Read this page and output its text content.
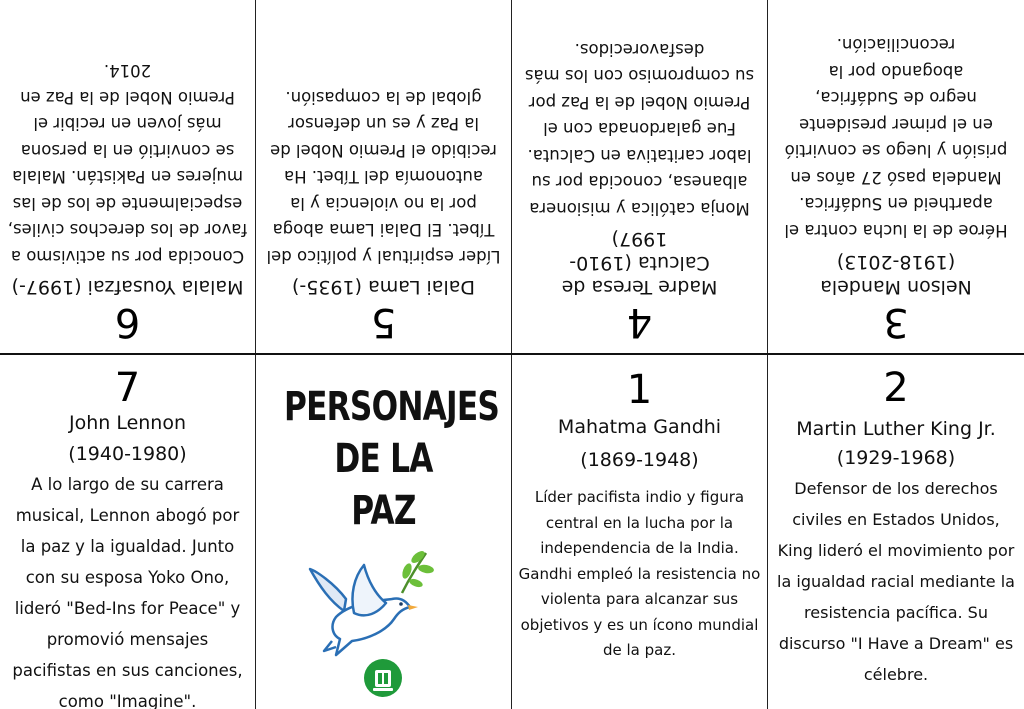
6
Malala Yousafzai (1997-)
Conocida por su activismo a favor de los derechos civiles, especialmente de los de las mujeres en Pakistán. Malala se convirtió en la persona más joven en recibir el Premio Nobel de la Paz en 2014.
5
Dalai Lama (1935-)
Líder espiritual y político del Tíbet. El Dalai Lama aboga por la no violencia y la autonomía del Tíbet. Ha recibido el Premio Nobel de la Paz y es un defensor global de la compasión.
4
Madre Teresa de Calcuta (1910-1997)
Monja católica y misionera albanesa, conocida por su labor caritativa en Calcuta. Fue galardonada con el Premio Nobel de la Paz por su compromiso con los más desfavorecidos.
3
Nelson Mandela
(1918-2013)
Héroe de la lucha contra el apartheid en Sudáfrica. Mandela pasó 27 años en prisión y luego se convirtió en el primer presidente negro de Sudáfrica, abogando por la reconciliación.
7
John Lennon
(1940-1980)
A lo largo de su carrera musical, Lennon abogó por la paz y la igualdad. Junto con su esposa Yoko Ono, lideró "Bed-Ins for Peace" y promovió mensajes pacifistas en sus canciones, como "Imagine".
PERSONAJES
DE LA
PAZ
1
Mahatma Gandhi
(1869-1948)
Líder pacifista indio y figura central en la lucha por la independencia de la India. Gandhi empleó la resistencia no violenta para alcanzar sus objetivos y es un ícono mundial de la paz.
2
Martin Luther King Jr.
(1929-1968)
Defensor de los derechos civiles en Estados Unidos, King lideró el movimiento por la igualdad racial mediante la resistencia pacífica. Su discurso "I Have a Dream" es célebre.
